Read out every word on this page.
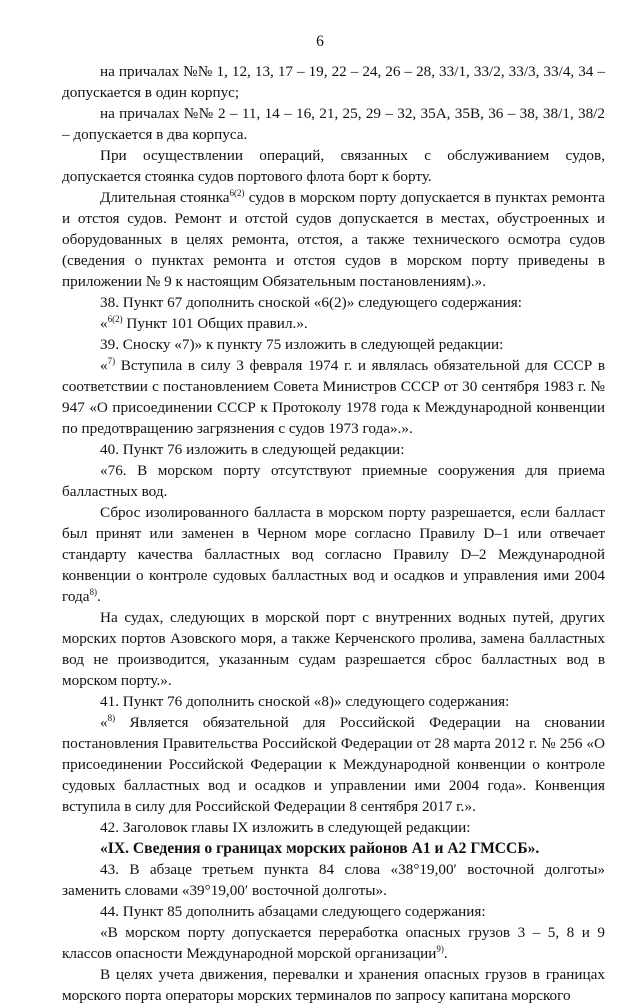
6

на причалах №№ 1, 12, 13, 17 – 19, 22 – 24, 26 – 28, 33/1, 33/2, 33/3, 33/4, 34 – допускается в один корпус;

на причалах №№ 2 – 11, 14 – 16, 21, 25, 29 – 32, 35А, 35В, 36 – 38, 38/1, 38/2 – допускается в два корпуса.

При осуществлении операций, связанных с обслуживанием судов, допускается стоянка судов портового флота борт к борту.

Длительная стоянка$^{6(2)}$ судов в морском порту допускается в пунктах ремонта и отстоя судов. Ремонт и отстой судов допускается в местах, обустроенных и оборудованных в целях ремонта, отстоя, а также технического осмотра судов (сведения о пунктах ремонта и отстоя судов в морском порту приведены в приложении № 9 к настоящим Обязательным постановлениям).».

38. Пункт 67 дополнить сноской «6(2)» следующего содержания:

«$^{6(2)}$ Пункт 101 Общих правил.».

39. Сноску «7)» к пункту 75 изложить в следующей редакции:

«$^{7)}$ Вступила в силу 3 февраля 1974 г. и являлась обязательной для СССР в соответствии с постановлением Совета Министров СССР от 30 сентября 1983 г. № 947 «О присоединении СССР к Протоколу 1978 года к Международной конвенции по предотвращению загрязнения с судов 1973 года».».

40. Пункт 76 изложить в следующей редакции:

«76. В морском порту отсутствуют приемные сооружения для приема балластных вод.

Сброс изолированного балласта в морском порту разрешается, если балласт был принят или заменен в Черном море согласно Правилу D–1 или отвечает стандарту качества балластных вод согласно Правилу D–2 Международной конвенции о контроле судовых балластных вод и осадков и управления ими 2004 года$^{8)}$.

На судах, следующих в морской порт с внутренних водных путей, других морских портов Азовского моря, а также Керченского пролива, замена балластных вод не производится, указанным судам разрешается сброс балластных вод в морском порту.».

41. Пункт 76 дополнить сноской «8)» следующего содержания:

«$^{8)}$ Является обязательной для Российской Федерации на сновании постановления Правительства Российской Федерации от 28 марта 2012 г. № 256 «О присоединении Российской Федерации к Международной конвенции о контроле судовых балластных вод и осадков и управлении ими 2004 года». Конвенция вступила в силу для Российской Федерации 8 сентября 2017 г.».

42. Заголовок главы IX изложить в следующей редакции:

«IX. Сведения о границах морских районов А1 и А2 ГМССБ».

43. В абзаце третьем пункта 84 слова «38°19,00′ восточной долготы» заменить словами «39°19,00′ восточной долготы».

44. Пункт 85 дополнить абзацами следующего содержания:

«В морском порту допускается переработка опасных грузов 3 – 5, 8 и 9 классов опасности Международной морской организации$^{9)}$.

В целях учета движения, перевалки и хранения опасных грузов в границах морского порта операторы морских терминалов по запросу капитана морского
